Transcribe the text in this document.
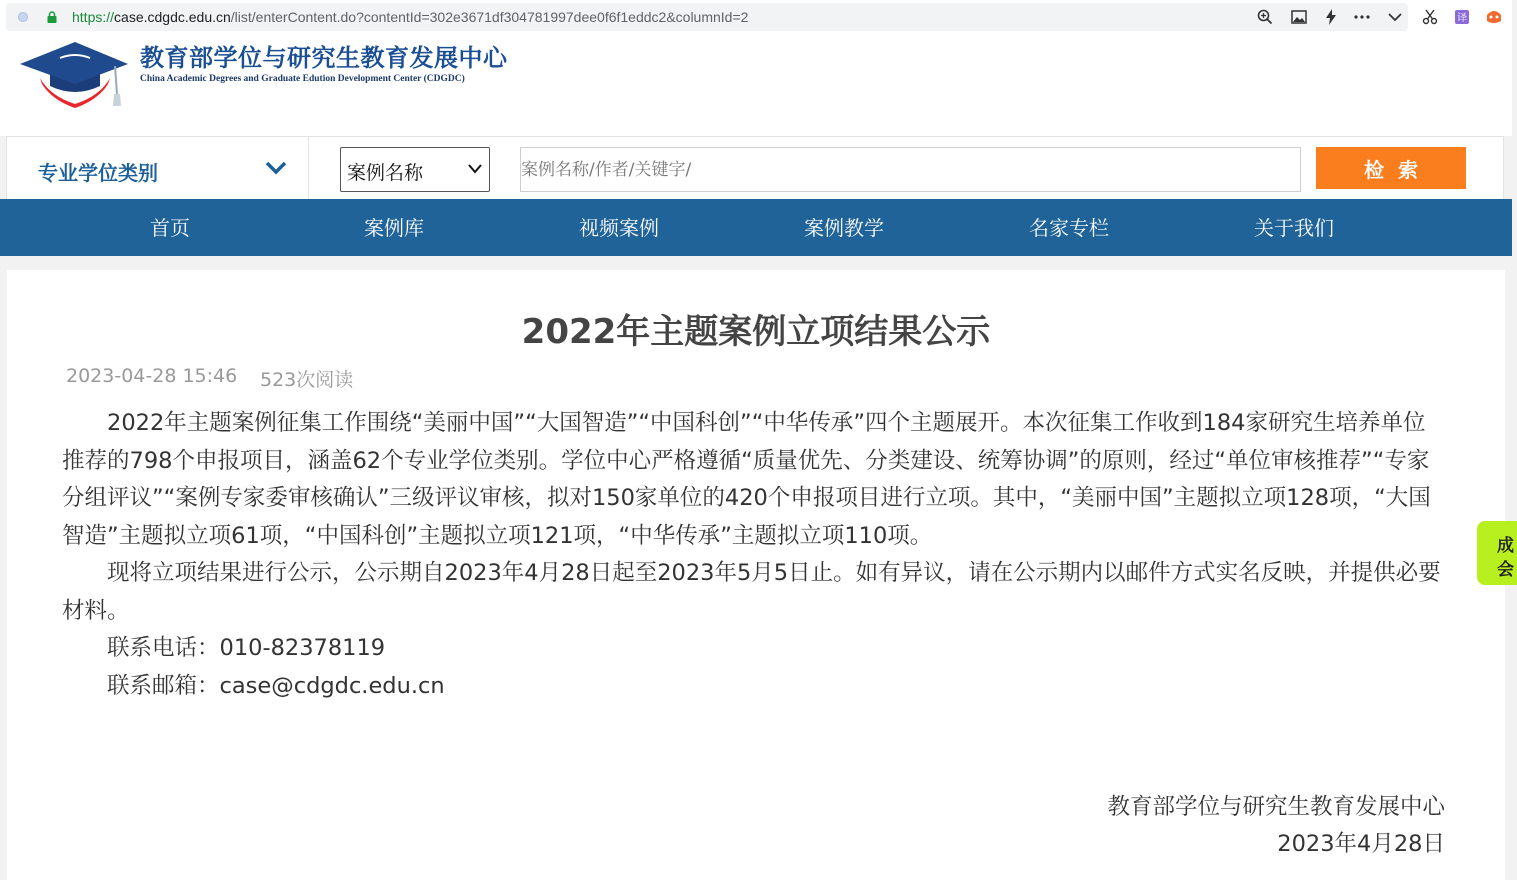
https://case.cdgdc.edu.cn/list/enterContent.do?contentId=302e3671df304781997dee0f6f1eddc2&columnId=2	译
教育部学位与研究生教育发展中心
China Academic Degrees and Graduate Edu​tion Development Center (CDGDC)
专业学位类别	案例名称
案例名称/作者/关键字/	检索
首页	案例库	视频案例	案例教学	名家专栏	关于我们
2022年主题案例立项结果公示
2023-04-28 15:46 523次阅读

2022年主题案例征集工作围绕“美丽中国”“大国智造”“中国科创”“中华传承”四个主题展开。本次征集工作收到184家研究生培养单位推荐的798个申报项目，涵盖62个专业学位类别。学位中心严格遵循“质量优先、分类建设、统筹协调”的原则，经过“单位审核推荐”“专家分组评议”“案例专家委审核确认”三级评议审核，拟对150家单位的420个申报项目进行立项。其中，“美丽中国”主题拟立项128项，“大国智造”主题拟立项61项，“中国科创”主题拟立项121项，“中华传承”主题拟立项110项。

现将立项结果进行公示，公示期自2023年4月28日起至2023年5月5日止。如有异议，请在公示期内以邮件方式实名反映，并提供必要材料。

联系电话：010-82378119

联系邮箱：case@cdgdc.edu.cn

教育部学位与研究生教育发展中心
2023年4月28日
成
会
